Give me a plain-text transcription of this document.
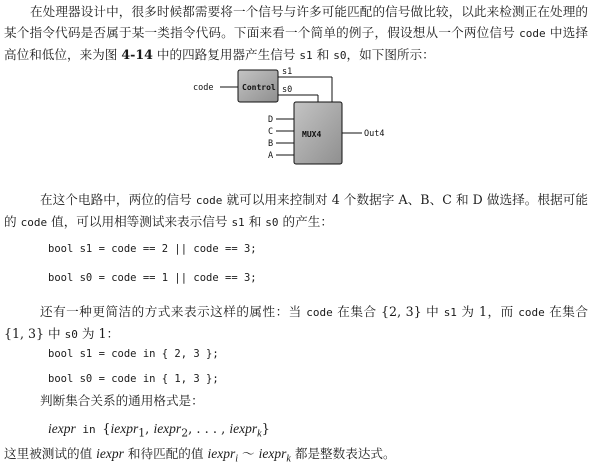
在处理器设计中，很多时候都需要将一个信号与许多可能匹配的信号做比较，以此来检测正在处理的某个指令代码是否属于某一类指令代码。下面来看一个简单的例子，假设想从一个两位信号 code 中选择高位和低位，来为图 4-14 中的四路复用器产生信号 s1 和 s0，如下图所示：

code	Control
s1
s0
MUX4
D
C
B
A
Out4

在这个电路中，两位的信号 code 就可以用来控制对 4 个数据字 A、B、C 和 D 做选择。根据可能的 code 值，可以用相等测试来表示信号 s1 和 s0 的产生：

bool s1 = code == 2 || code == 3;
bool s0 = code == 1 || code == 3;

还有一种更简洁的方式来表示这样的属性：当 code 在集合 {2, 3} 中 s1 为 1，而 code 在集合 {1, 3} 中 s0 为 1：

bool s1 = code in { 2, 3 };
bool s0 = code in { 1, 3 };

判断集合关系的通用格式是：

iexpr in {iexpr$_1$, iexpr$_2$, . . . , iexpr$_k$}

这里被测试的值 iexpr 和待匹配的值 iexpr$_i$ ～ iexpr$_k$ 都是整数表达式。
